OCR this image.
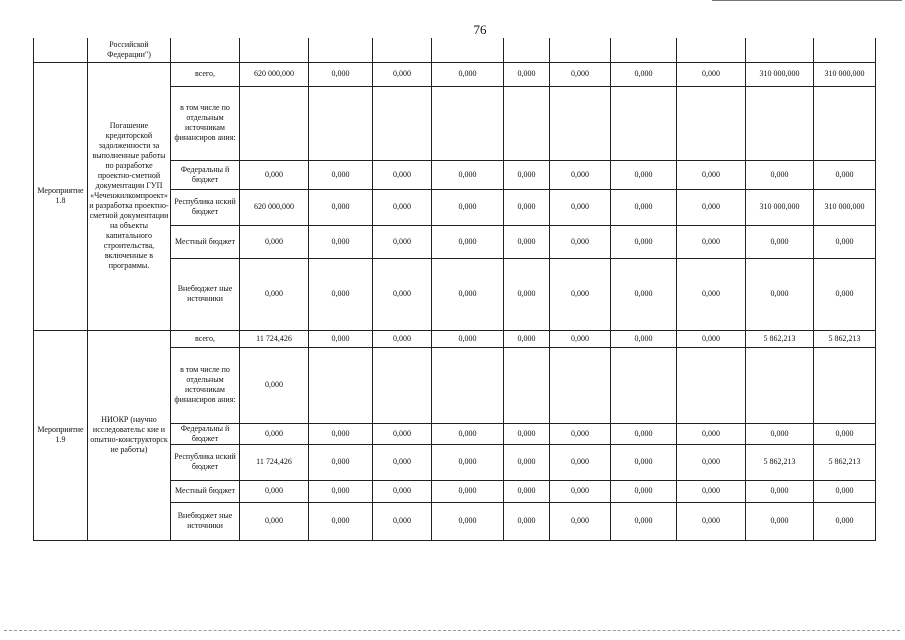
76
	Российской Федерации")											
Мероприятие 1.8	Погашение кредиторской задолженности за выполненные работы по разработке проектно-сметной документации ГУП «Чеченжилкомпроект» и разработка проектно-сметной документации на объекты капитального строительства, включенные в программы.	всего,	620 000,000	0,000	0,000	0,000	0,000	0,000	0,000	0,000	310 000,000	310 000,000
		в том числе по отдельным источникам финансиров ания:										
		Федеральны й бюджет	0,000	0,000	0,000	0,000	0,000	0,000	0,000	0,000	0,000	0,000
		Республика нский бюджет	620 000,000	0,000	0,000	0,000	0,000	0,000	0,000	0,000	310 000,000	310 000,000
		Местный бюджет	0,000	0,000	0,000	0,000	0,000	0,000	0,000	0,000	0,000	0,000
		Внебюджет ные источники	0,000	0,000	0,000	0,000	0,000	0,000	0,000	0,000	0,000	0,000
Мероприятие 1.9	НИОКР (научно исследовательс кие и опытно-конструкторск ие работы)	всего,	11 724,426	0,000	0,000	0,000	0,000	0,000	0,000	0,000	5 862,213	5 862,213
		в том числе по отдельным источникам финансиров ания:	0,000									
		Федеральны й бюджет	0,000	0,000	0,000	0,000	0,000	0,000	0,000	0,000	0,000	0,000
		Республика нский бюджет	11 724,426	0,000	0,000	0,000	0,000	0,000	0,000	0,000	5 862,213	5 862,213
		Местный бюджет	0,000	0,000	0,000	0,000	0,000	0,000	0,000	0,000	0,000	0,000
		Внебюджет ные источники	0,000	0,000	0,000	0,000	0,000	0,000	0,000	0,000	0,000	0,000
